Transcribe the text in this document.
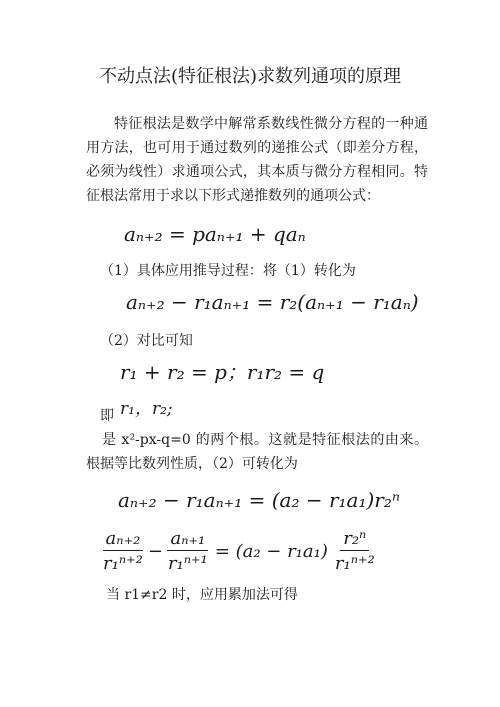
不动点法(特征根法)求数列通项的原理
特征根法是数学中解常系数线性微分方程的一种通用方法，也可用于通过数列的递推公式（即差分方程，必须为线性）求通项公式，其本质与微分方程相同。特征根法常用于求以下形式递推数列的通项公式：
aₙ₊₂ = paₙ₊₁ + qaₙ
（1）具体应用推导过程：将（1）转化为
aₙ₊₂ − r₁aₙ₊₁ = r₂(aₙ₊₁ − r₁aₙ)
（2）对比可知
r₁ + r₂ = p；r₁r₂ = q
即 r₁，r₂;
是 x²-px-q=0 的两个根。这就是特征根法的由来。根据等比数列性质，（2）可转化为
aₙ₊₂ − r₁aₙ₊₁ = (a₂ − r₁a₁)r₂ⁿ
$\frac{\text{aₙ₊₂}}{\text{r₁ⁿ⁺²}} - \frac{\text{aₙ₊₁}}{\text{r₁ⁿ⁺¹}} = (a_2 - r_1a_1) \frac{\text{r₂ⁿ}}{\text{r₁ⁿ⁺²}}$
当 r1≠r2 时，应用累加法可得
